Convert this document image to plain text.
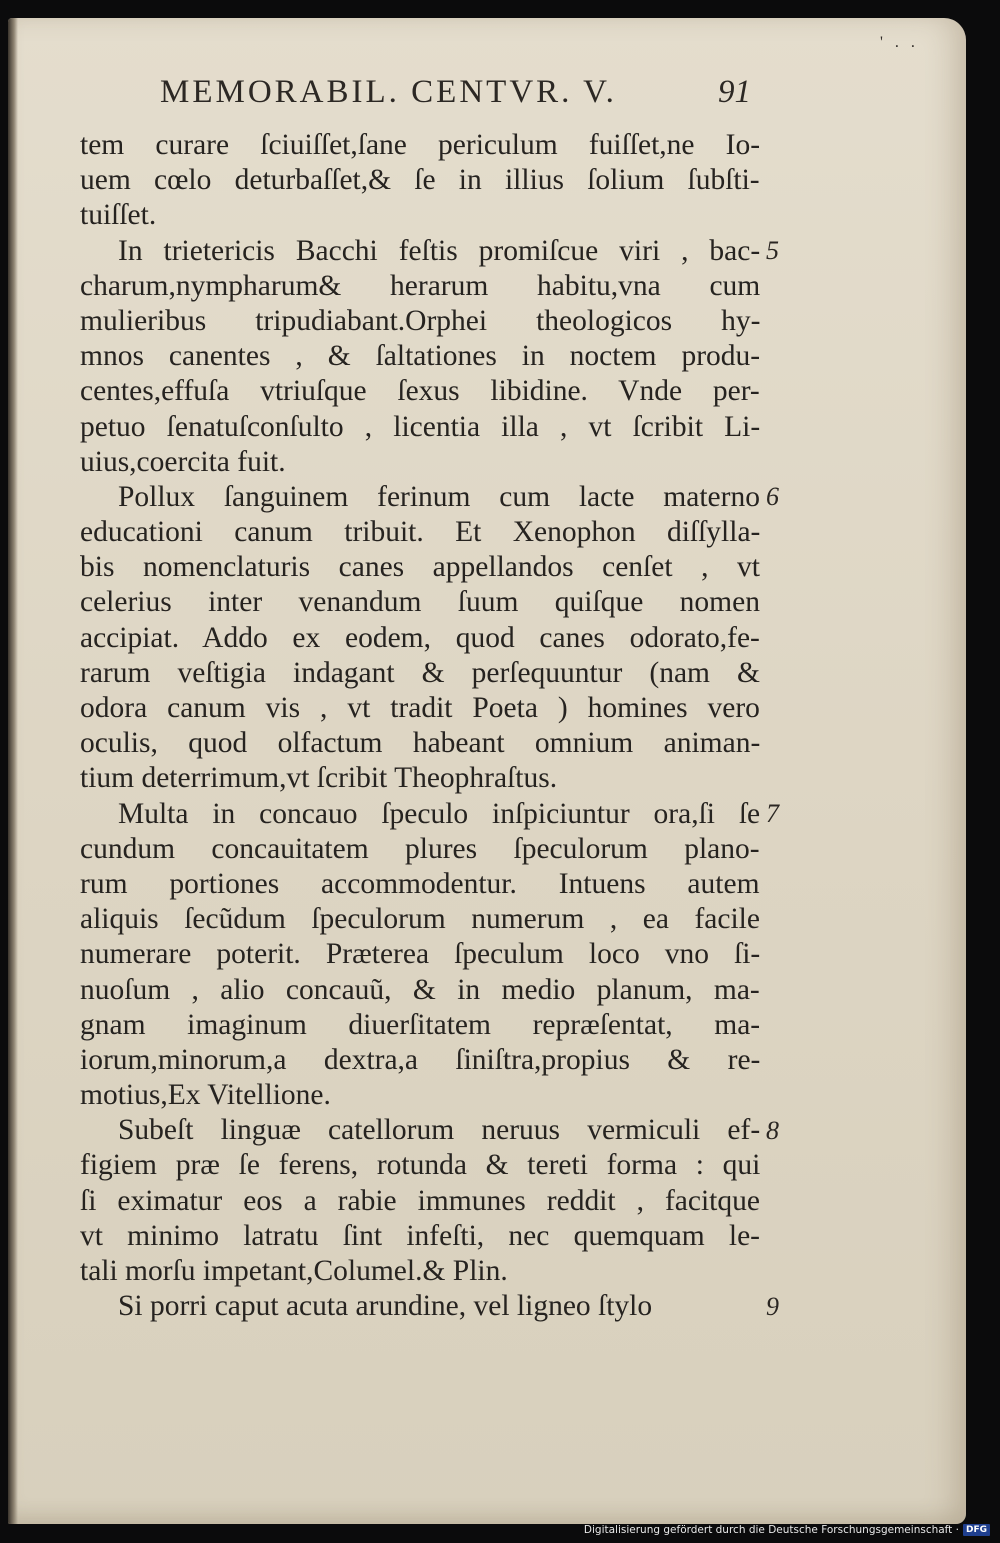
' . .
MEMORABIL. CENTVR. V.	91
tem curare ſciuiſſet,ſane periculum fuiſſet,ne Io-
uem cœlo deturbaſſet,& ſe in illius ſolium ſubſti-
tuiſſet.
In trietericis Bacchi feſtis promiſcue viri , bac-
charum,nympharum& herarum habitu,vna cum
mulieribus tripudiabant.Orphei theologicos hy-
mnos canentes , & ſaltationes in noctem produ-
centes,effuſa vtriuſque ſexus libidine. Vnde per-
petuo ſenatuſconſulto , licentia illa , vt ſcribit Li-
uius,coercita fuit.
Pollux ſanguinem ferinum cum lacte materno
educationi canum tribuit. Et Xenophon diſſylla-
bis nomenclaturis canes appellandos cenſet , vt
celerius inter venandum ſuum quiſque nomen
accipiat. Addo ex eodem, quod canes odorato,fe-
rarum veſtigia indagant & perſequuntur (nam &
odora canum vis , vt tradit Poeta ) homines vero
oculis, quod olfactum habeant omnium animan-
tium deterrimum,vt ſcribit Theophraſtus.
Multa in concauo ſpeculo inſpiciuntur ora,ſi ſe
cundum concauitatem plures ſpeculorum plano-
rum portiones accommodentur. Intuens autem
aliquis ſecũdum ſpeculorum numerum , ea facile
numerare poterit. Præterea ſpeculum loco vno ſi-
nuoſum , alio concauũ, & in medio planum, ma-
gnam imaginum diuerſitatem repræſentat, ma-
iorum,minorum,a dextra,a ſiniſtra,propius & re-
motius,Ex Vitellione.
Subeſt linguæ catellorum neruus vermiculi ef-
figiem præ ſe ferens, rotunda & tereti forma : qui
ſi eximatur eos a rabie immunes reddit , facitque
vt minimo latratu ſint infeſti, nec quemquam le-
tali morſu impetant,Columel.& Plin.
Si porri caput acuta arundine, vel ligneo ſtylo
Digitalisierung gefördert durch die Deutsche Forschungsgemeinschaft · DFG
5
6
7
8
9
